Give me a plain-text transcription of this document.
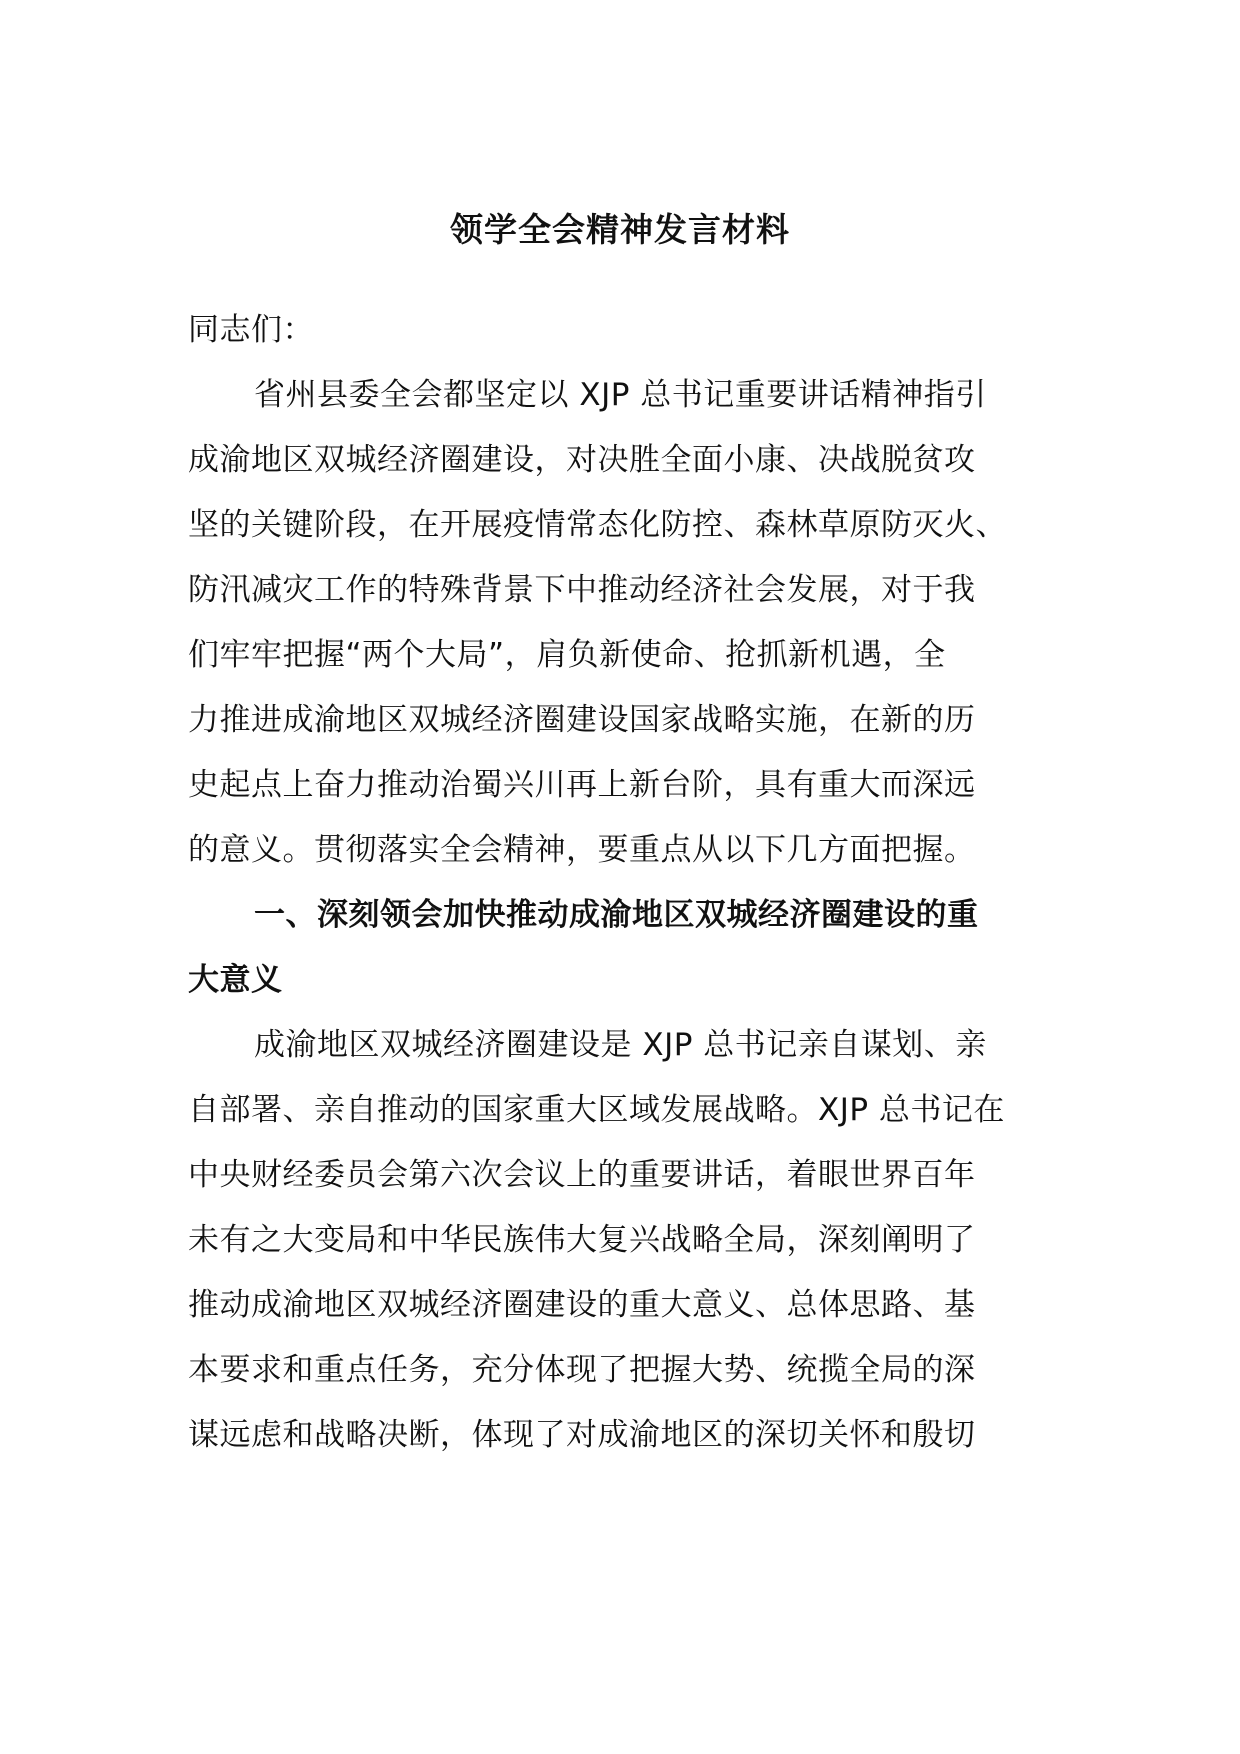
领学全会精神发言材料
同志们：
省州县委全会都坚定以 XJP 总书记重要讲话精神指引
成渝地区双城经济圈建设，对决胜全面小康、决战脱贫攻
坚的关键阶段，在开展疫情常态化防控、森林草原防灭火、
防汛减灾工作的特殊背景下中推动经济社会发展，对于我
们牢牢把握“两个大局”，肩负新使命、抢抓新机遇，全
力推进成渝地区双城经济圈建设国家战略实施，在新的历
史起点上奋力推动治蜀兴川再上新台阶，具有重大而深远
的意义。贯彻落实全会精神，要重点从以下几方面把握。
一、深刻领会加快推动成渝地区双城经济圈建设的重
大意义
成渝地区双城经济圈建设是 XJP 总书记亲自谋划、亲
自部署、亲自推动的国家重大区域发展战略。XJP 总书记在
中央财经委员会第六次会议上的重要讲话，着眼世界百年
未有之大变局和中华民族伟大复兴战略全局，深刻阐明了
推动成渝地区双城经济圈建设的重大意义、总体思路、基
本要求和重点任务，充分体现了把握大势、统揽全局的深
谋远虑和战略决断，体现了对成渝地区的深切关怀和殷切
